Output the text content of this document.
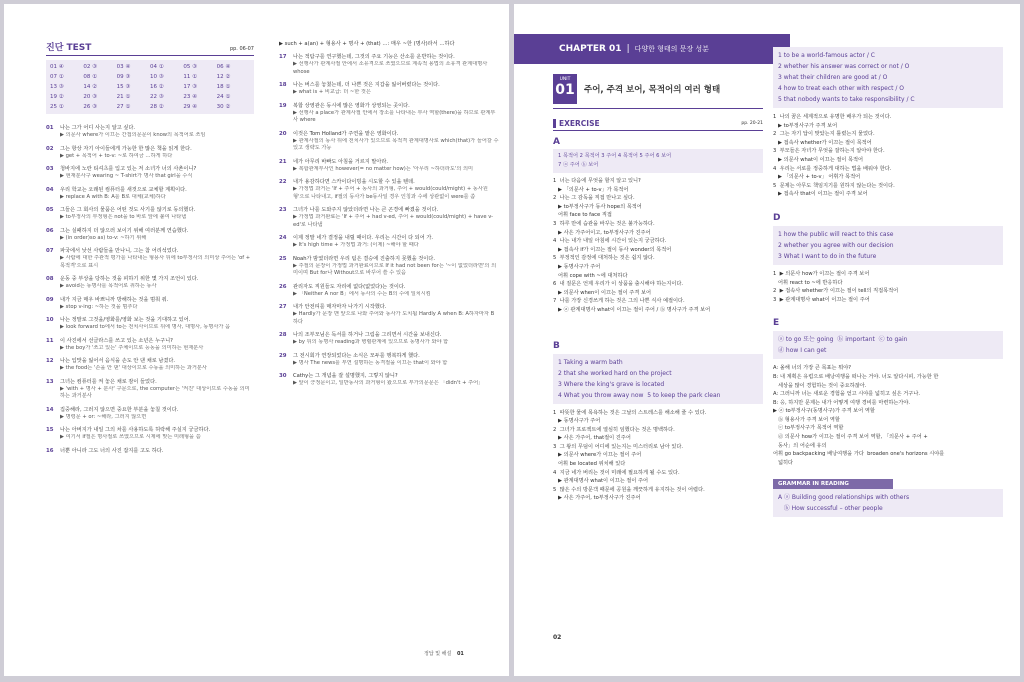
진단 TEST	pp. 06-07
01 ④	02 ③	03 ④	04 ①	05 ③	06 ④
07 ①	08 ①	09 ③	10 ③	11 ①	12 ②
13 ③	14 ②	15 ③	16 ②	17 ③	18 ①
19 ②	20 ③	21 ①	22 ③	23 ④	24 ①
25 ①	26 ③	27 ①	28 ②	29 ④	30 ②
01 나는 그가 어디 사는지 알고 싶다.
▶ 의문사 where가 이끄는 간접의문문이 know의 목적어로 쓰임
02 그는 항상 자기 아이들에게 가능한 한 많은 책을 읽게 한다.
▶ get + 목적어 + to-v: ~로 하여금 …하게 하다
03 청바지에 노란 티셔츠를 입고 있는 저 소녀가 너의 사촌이니?
▶ 현재분사구 wearing ~ T-shirt가 명사 that girl을 수식
04 우리 학교는 오래된 컴퓨터를 새것으로 교체할 계획이다.
▶ replace A with B: A를 B로 대체(교체)하다
05 그들은 그 회사의 물품은 어떤 것도 사기를 않기로 동의했다.
▶ to부정사의 부정형은 not을 to 바로 앞에 붙여 나타냄
06 그는 실패하지 더 않으러 보이기 위해 여러분께 연습했다.
▶ (in order)so as) to-v: ~하기 위해
07 파국에서 낮선 사람들을 만나니, 그는 참 어리석었다.
▶ 사람에 대한 주관적 평가를 나타내는 형용사 뒤에 to부정사의 의미상 주어는 'of + 목적격'으로 표시
08 운동 중 부상을 당하는 것을 피하기 위한 몇 가지 조언이 있다.
▶ avoid는 동명사를 목적어로 취하는 동사
09 내가 지금 매우 바쁘니까 방해하는 것을 멈춰 줘.
▶ stop v-ing: ~하는 것을 멈추다
10 나는 정말로 그것을/영화를/영화 보는 것을 기대하고 있어.
▶ look forward to에서 to는 전치사이므로 뒤에 명사, 대명사, 동명사가 옴
11 이 사진에서 선글라스를 쓰고 있는 소년은 누구니?
▶ the boy가 '쓰고 있는' 주체이므로 능동을 의미하는 현재분사
12 나는 입맛을 잃어서 음식을 손도 안 댄 채로 남겼다.
▶ the food는 '손을 안 댄' 대상이므로 수동을 의미하는 과거분사
13 그녀는 컴퓨터를 켜 놓은 채로 잠이 들었다.
▶ 'with + 명사 + 분사' 구문으로, the computer는 '켜진' 대상이므로 수동을 의미하는 과거분사
14 집중해라, 그러지 않으면 중요한 부분을 놓칠 것이다.
▶ 명령문 + or: ~해라, 그러지 않으면
15 나는 아버지가 내일 그의 차를 사용하도록 허락해 주실지 궁금하다.
▶ 여기서 if절은 명사절로 쓰였으므로 시제에 맞는 미래형을 씀
16 너뿐 아니라 그도 너의 사진 잡지를 고도 하다.
▶ such + a(an) + 형용사 + 명사 + (that) …: 매우 ~한 (명사)라서 …하다
17 나는 적탐구를 연구했는데, 그것의 주요 기능은 산소를 운반하는 것이다.
▶ 선행사가 관계사절 안에서 소유격으로 쓰였으므로 계속적 용법의 소유격 관계대명사 whose
18 나는 버스를 놓쳤는데, 더 나쁜 것은 지갑을 잃어버렸다는 것이다.
▶ what is + 비교급: 더 ~한 것은
19 복합 상영관은 동시에 많은 영화가 상영되는 곳이다.
▶ 선행사 a place가 관계사절 안에서 장소를 나타내는 부사 역할(there)을 하므로 관계부사 where
20 이것은 Tom Holland가 주연을 맡은 영화이다.
▶ 관계사절의 동사 뒤에 전치사가 있으므로 목적격 관계대명사로 which(that)가 들어갈 수 있고 생략도 가능
21 네가 아무리 바빠도 아침을 거르지 말아라.
▶ 복합관계부사인 however(= no matter how)는 '아무리 ~하더라도'의 의미
22 내가 용감하다면 스카이다이빙을 시도할 수 있을 텐데.
▶ 가정법 과거는 'If + 주어 + 동사의 과거형, 주어 + would(could/might) + 동사원형'으로 나타내고, if절의 동사가 be동사일 경우 인칭과 수에 상관없이 were를 씀
23 그녀가 나를 도와주지 않았더라면 나는 큰 곤경에 빠졌을 것이다.
▶ 가정법 과거완료는 'If + 주어 + had v-ed, 주어 + would(could/might) + have v-ed'로 나타냄
24 이제 정말 네가 결정을 내릴 때이다. 우리는 시간이 다 되어 가.
▶ It's high time + 가정법 과거: (이제) ~해야 할 때다
25 Noah가 밤였더라면 우리 팀은 결승에 진출하지 못했을 것이다.
▶ 주절의 문장이 가정법 과거완료이므로 If it had not been for는 '~이 없었더라면'의 의미이며 But for나 Without으로 바꾸어 쓸 수 있음
26 관리자도 직원들도 자리에 없다(없었다)는 것이다.
▶ 「Neither A nor B」에서 동사의 수는 B의 수에 일치시킴
27 내가 안전띠를 매자마자 나가기 시작했다.
▶ Hardly가 문장 맨 앞으로 나와 주어와 동사가 도치됨 Hardly A when B: A하자마자 B하다
28 나의 조부모님은 독서를 하거나 그림을 그리면서 시간을 보내신다.
▶ by 뒤의 동명사 reading과 병렬관계에 있으므로 동명사가 와야 함
29 그 전시회가 연장되었다는 소식은 모두를 행복하게 했다.
▶ 명사 The news를 부연 설명하는 동격절을 이끄는 that이 와야 함
30 Cathy는 그 개념을 잘 설명했지, 그렇지 않니?
▶ 앞이 긍정문이고, 일반동사의 과거형이 왔으므로 부가의문문은 「didn't + 주어」
정답 및 해설 01
CHAPTER 01 | 다양한 형태의 문장 성분
UNIT
01 주어, 주격 보어, 목적어의 여러 형태
EXERCISE	pp. 20-21
A
1 목적어 2 목적어 3 주어 4 목적어 5 주어 6 보어
7 ⓐ 주어 ⓑ 보어
1  너는 다음에 무엇을 할지 알고 있니?
▶ 「의문사 + to-v」가 목적어
2  나는 그 감독을 직접 만나고 싶다.
▶ to부정사구가 동사 hope의 목적어
어휘 face to face 직접
3  하루 만에 습관을 바꾸는 것은 불가능하다.
▶ 사은 가주어이고, to부정사구가 진주어
4  나는 내가 내일 아침에 시간이 있는지 궁금하다.
▶ 접속사 if가 이끄는 절이 동사 wonder의 목적어
5  부정적인 감정에 대처하는 것은 쉽지 않다.
▶ 동명사구가 주어
어휘 cope with ~에 대처하다
6  내 질문은 언제 우리가 이 상품을 출시해야 하는지이다.
▶ 의문사 when이 이끄는 절이 주격 보어
7  나를 가장 신경쓰게 하는 것은 그의 나쁜 식사 예절이다.
▶ ⓐ 관계대명사 what이 이끄는 절이 주어 / ⓑ 명사구가 주격 보어
B
1 Taking a warm bath
2 that she worked hard on the project
3 Where the king's grave is located
4 What you throw away now  5 to keep the park clean
1  따뜻한 물에 목욕하는 것은 그날의 스트레스를 해소해 줄 수 있다.
▶ 동명사구가 주어
2  그녀가 프로젝트에 열심히 임했다는 것은 명백하다.
▶ 사은 가주어, that절이 진주어
3  그 왕의 무덤이 어디에 있는지는 미스터리로 남아 있다.
▶ 의문사 where가 이끄는 절이 주어
어휘 be located 위치해 있다
4  지금 네가 버리는 것이 미래에 필요하게 될 수도 있다.
▶ 관계대명사 what이 이끄는 절이 주어
5  많은 수의 방문객 때문에 공원을 깨끗하게 유지하는 것이 어렵다.
▶ 사은 가주어, to부정사구가 진주어
02
C
1 to be a world-famous actor / C
2 whether his answer was correct or not / O
3 what their children are good at / O
4 how to treat each other with respect / O
5 that nobody wants to take responsibility / C
1  나의 꿈은 세계적으로 유명한 배우가 되는 것이다.
▶ to부정사구가 주격 보어
2  그는 자기 답이 맞았는지 틀렸는지 물었다.
▶ 접속사 whether가 이끄는 절이 목적어
3  부모들은 자녀가 무엇을 잘하는지 알아야 한다.
▶ 의문사 what이 이끄는 절이 목적어
4  우리는 서로를 정중하게 대하는 법을 배워야 한다.
▶ 「의문사 + to-v」 어휘가 목적어
5  문제는 아무도 책임지기를 원하지 않는다는 것이다.
▶ 접속사 that이 이끄는 절이 주격 보어
D
1 how the public will react to this case
2 whether you agree with our decision
3 What I want to do in the future
1  ▶ 의문사 how가 이끄는 절이 주격 보어
어휘 react to ~에 반응하다
2  ▶ 접속사 whether가 이끄는 절이 tell의 직접목적어
3  ▶ 관계대명사 what이 이끄는 절이 주어
E
ⓐ to go 또는 going  ⓑ important  ⓒ to gain
ⓓ how I can get
A: 올해 너의 가장 큰 목표는 뭐야?
B: 내 계획은 유럽으로 배낭여행을 떠나는 거야. 너도 알다시피, 가능한 한
세상을 많이 경험하는 것이 중요하잖아.
A: 그러니까 너는 새로운 경험을 얻고 시야를 넓히고 싶은 거구나.
B: 응, 하지만 문제는 내가 어떻게 여행 경비를 마련하는가야.
▶ ⓐ to부정사구(동명사구)가 주격 보어 역할
ⓑ 형용사가 주격 보어 역할
ⓒ to부정사구가 목적어 역할
ⓓ 의문사 how가 이끄는 절이 주격 보어 역할, 「의문사 + 주어 +
동사」의 어순에 유의
어휘 go backpacking 배낭여행을 가다  broaden one's horizons 시야를
넓히다
GRAMMAR IN READING
A ⓐ Building good relationships with others
ⓑ How successful – other people
